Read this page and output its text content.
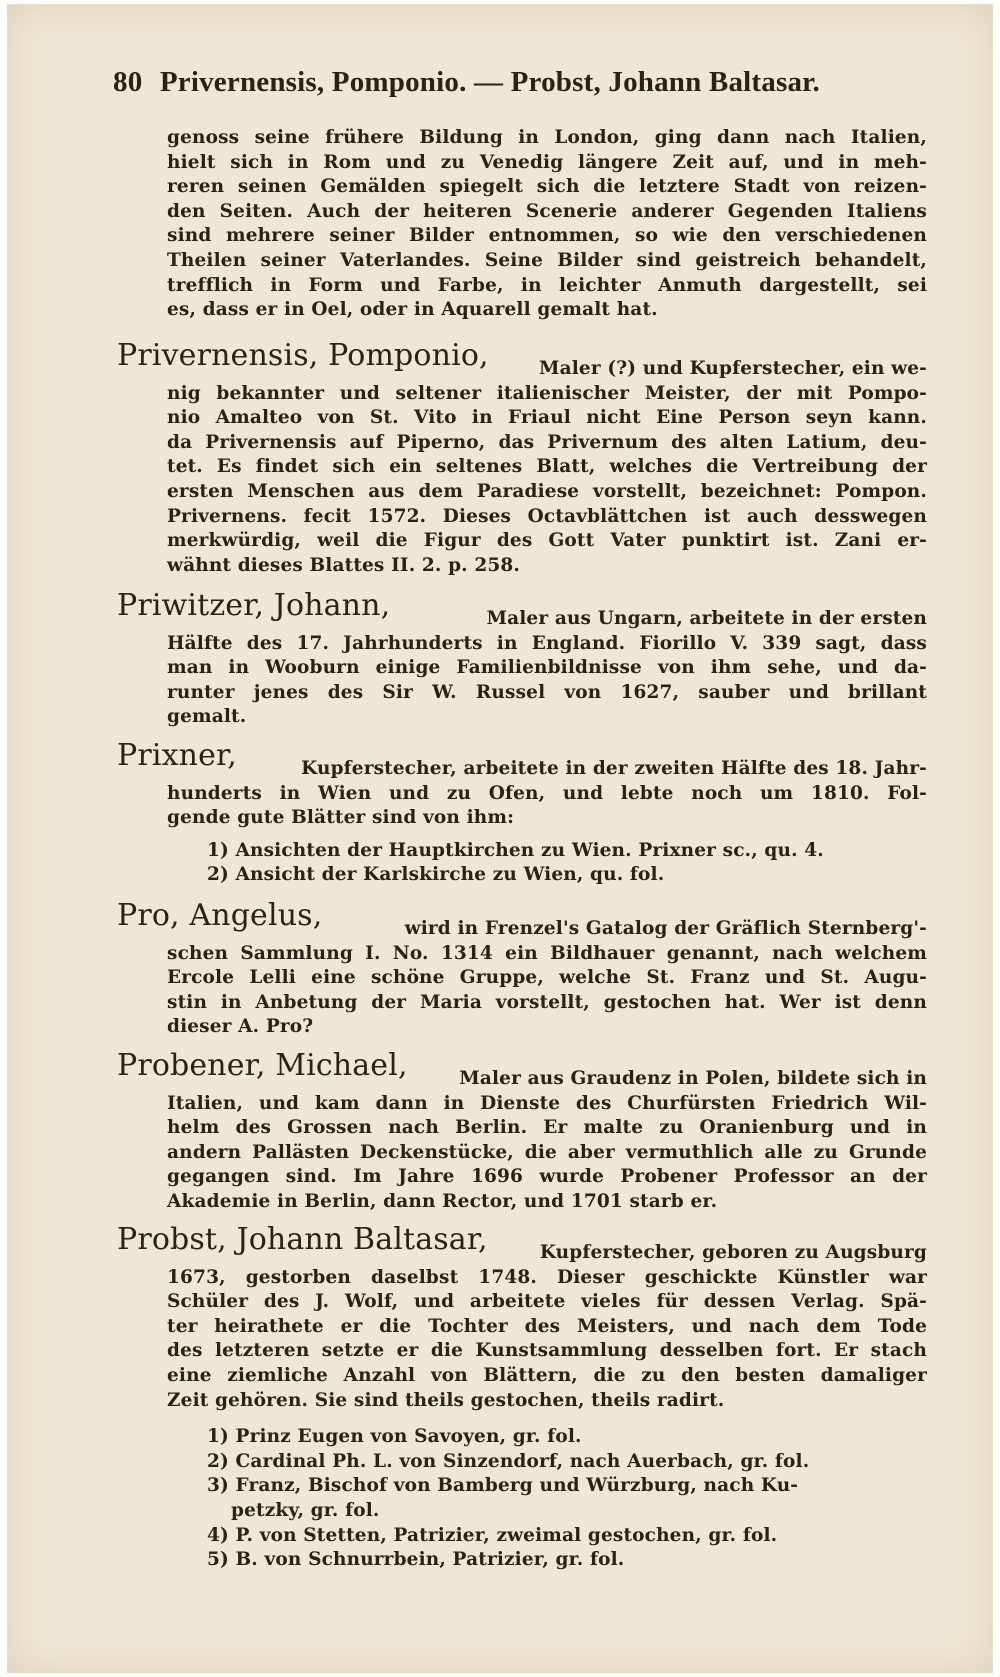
80 Privernensis, Pomponio. — Probst, Johann Baltasar.
genoss seine frühere Bildung in London, ging dann nach Italien,
hielt sich in Rom und zu Venedig längere Zeit auf, und in meh-
reren seinen Gemälden spiegelt sich die letztere Stadt von reizen-
den Seiten. Auch der heiteren Scenerie anderer Gegenden Italiens
sind mehrere seiner Bilder entnommen, so wie den verschiedenen
Theilen seiner Vaterlandes. Seine Bilder sind geistreich behandelt,
trefflich in Form und Farbe, in leichter Anmuth dargestellt, sei
es, dass er in Oel, oder in Aquarell gemalt hat.
Privernensis, Pomponio,	Maler (?) und Kupferstecher, ein we-
nig bekannter und seltener italienischer Meister, der mit Pompo-
nio Amalteo von St. Vito in Friaul nicht Eine Person seyn kann.
da Privernensis auf Piperno, das Privernum des alten Latium, deu-
tet. Es findet sich ein seltenes Blatt, welches die Vertreibung der
ersten Menschen aus dem Paradiese vorstellt, bezeichnet: Pompon.
Privernens. fecit 1572. Dieses Octavblättchen ist auch desswegen
merkwürdig, weil die Figur des Gott Vater punktirt ist. Zani er-
wähnt dieses Blattes II. 2. p. 258.
Priwitzer, Johann,	Maler aus Ungarn, arbeitete in der ersten
Hälfte des 17. Jahrhunderts in England. Fiorillo V. 339 sagt, dass
man in Wooburn einige Familienbildnisse von ihm sehe, und da-
runter jenes des Sir W. Russel von 1627, sauber und brillant
gemalt.
Prixner,	Kupferstecher, arbeitete in der zweiten Hälfte des 18. Jahr-
hunderts in Wien und zu Ofen, und lebte noch um 1810. Fol-
gende gute Blätter sind von ihm:
1) Ansichten der Hauptkirchen zu Wien. Prixner sc., qu. 4.
2) Ansicht der Karlskirche zu Wien, qu. fol.
Pro, Angelus,	wird in Frenzel's Gatalog der Gräflich Sternberg'-
schen Sammlung I. No. 1314 ein Bildhauer genannt, nach welchem
Ercole Lelli eine schöne Gruppe, welche St. Franz und St. Augu-
stin in Anbetung der Maria vorstellt, gestochen hat. Wer ist denn
dieser A. Pro?
Probener, Michael,	Maler aus Graudenz in Polen, bildete sich in
Italien, und kam dann in Dienste des Churfürsten Friedrich Wil-
helm des Grossen nach Berlin. Er malte zu Oranienburg und in
andern Pallästen Deckenstücke, die aber vermuthlich alle zu Grunde
gegangen sind. Im Jahre 1696 wurde Probener Professor an der
Akademie in Berlin, dann Rector, und 1701 starb er.
Probst, Johann Baltasar,	Kupferstecher, geboren zu Augsburg
1673, gestorben daselbst 1748. Dieser geschickte Künstler war
Schüler des J. Wolf, und arbeitete vieles für dessen Verlag. Spä-
ter heirathete er die Tochter des Meisters, und nach dem Tode
des letzteren setzte er die Kunstsammlung desselben fort. Er stach
eine ziemliche Anzahl von Blättern, die zu den besten damaliger
Zeit gehören. Sie sind theils gestochen, theils radirt.
1) Prinz Eugen von Savoyen, gr. fol.
2) Cardinal Ph. L. von Sinzendorf, nach Auerbach, gr. fol.
3) Franz, Bischof von Bamberg und Würzburg, nach Ku-
petzky, gr. fol.
4) P. von Stetten, Patrizier, zweimal gestochen, gr. fol.
5) B. von Schnurrbein, Patrizier, gr. fol.
